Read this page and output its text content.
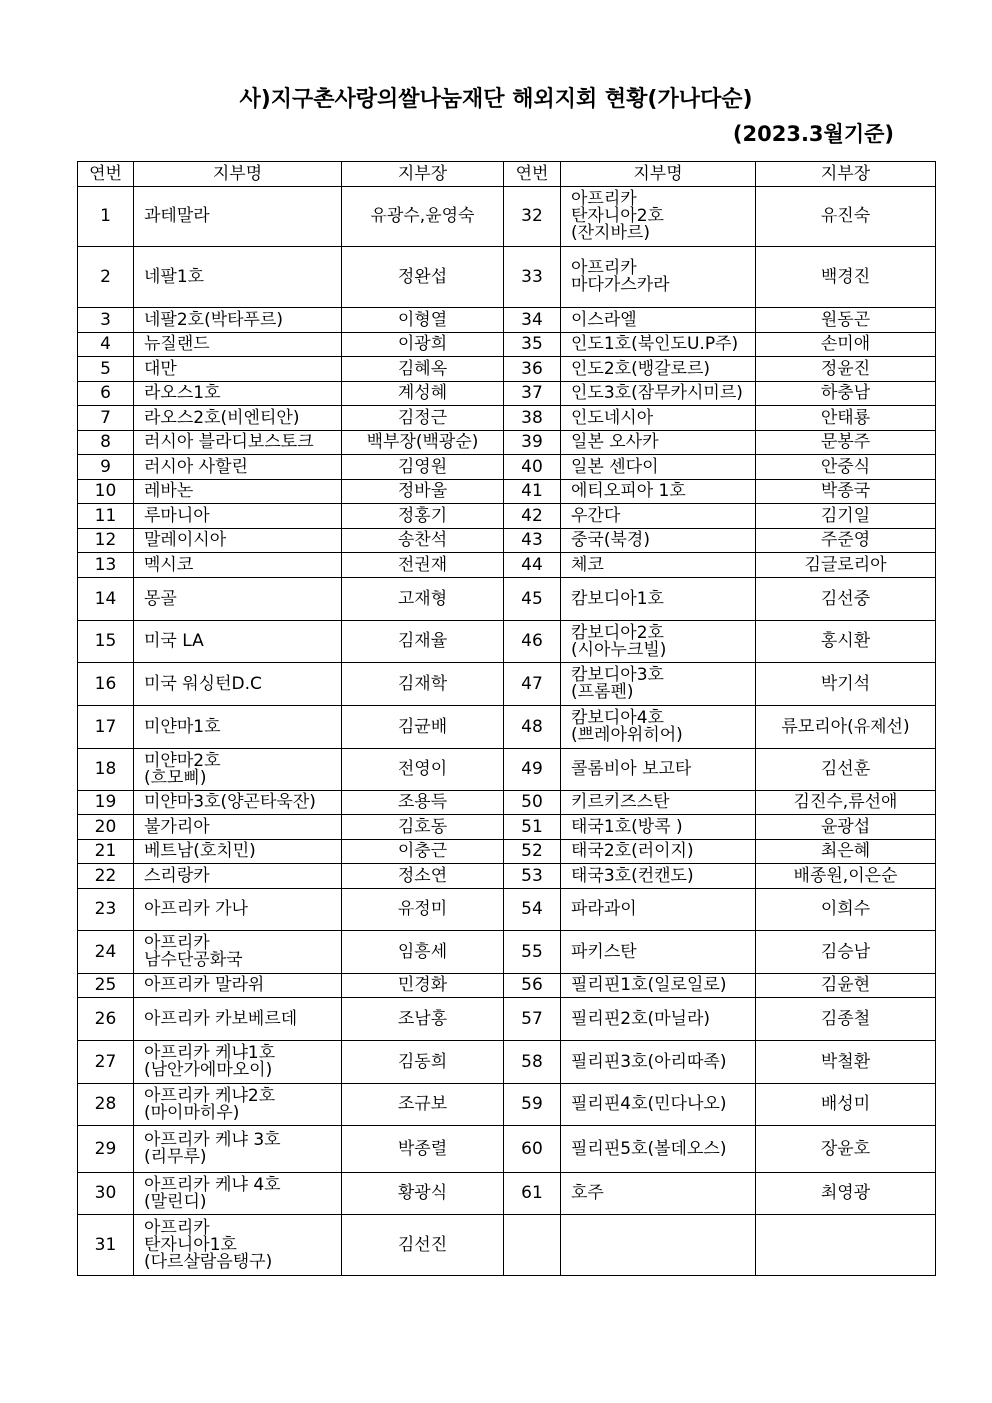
사)지구촌사랑의쌀나눔재단 해외지회 현황(가나다순)
(2023.3월기준)
연번	지부명	지부장	연번	지부명	지부장
1	과테말라	유광수,윤영숙	32	아프리카
탄자니아2호
(잔지바르)	유진숙
2	네팔1호	정완섭	33	아프리카
마다가스카라	백경진
3	네팔2호(박타푸르)	이형열	34	이스라엘	원동곤
4	뉴질랜드	이광희	35	인도1호(북인도U.P주)	손미애
5	대만	김혜옥	36	인도2호(뱅갈로르)	정윤진
6	라오스1호	계성혜	37	인도3호(잠무카시미르)	하충남
7	라오스2호(비엔티안)	김정근	38	인도네시아	안태룡
8	러시아 블라디보스토크	백부장(백광순)	39	일본 오사카	문봉주
9	러시아 사할린	김영원	40	일본 센다이	안중식
10	레바논	정바울	41	에티오피아 1호	박종국
11	루마니아	정홍기	42	우간다	김기일
12	말레이시아	송찬석	43	중국(북경)	주준영
13	멕시코	전권재	44	체코	김글로리아
14	몽골	고재형	45	캄보디아1호	김선중
15	미국 LA	김재율	46	캄보디아2호
(시아누크빌)	홍시환
16	미국 워싱턴D.C	김재학	47	캄보디아3호
(프롬펜)	박기석
17	미얀마1호	김균배	48	캄보디아4호
(쁘레아위히어)	류모리아(유제선)
18	미얀마2호
(흐모삐)	전영이	49	콜롬비아 보고타	김선훈
19	미얀마3호(양곤타욱잔)	조용득	50	키르키즈스탄	김진수,류선애
20	불가리아	김호동	51	태국1호(방콕 )	윤광섭
21	베트남(호치민)	이충근	52	태국2호(러이지)	최은혜
22	스리랑카	정소연	53	태국3호(컨캔도)	배종원,이은순
23	아프리카 가나	유정미	54	파라과이	이희수
24	아프리카
남수단공화국	임흥세	55	파키스탄	김승남
25	아프리카 말라위	민경화	56	필리핀1호(일로일로)	김윤현
26	아프리카 카보베르데	조남홍	57	필리핀2호(마닐라)	김종철
27	아프리카 케냐1호
(남안가에마오이)	김동희	58	필리핀3호(아리따족)	박철환
28	아프리카 케냐2호
(마이마히우)	조규보	59	필리핀4호(민다나오)	배성미
29	아프리카 케냐 3호
(리무루)	박종렬	60	필리핀5호(볼데오스)	장윤호
30	아프리카 케냐 4호
(말린디)	황광식	61	호주	최영광
31	아프리카
탄자니아1호
(다르살람음탱구)	김선진			
